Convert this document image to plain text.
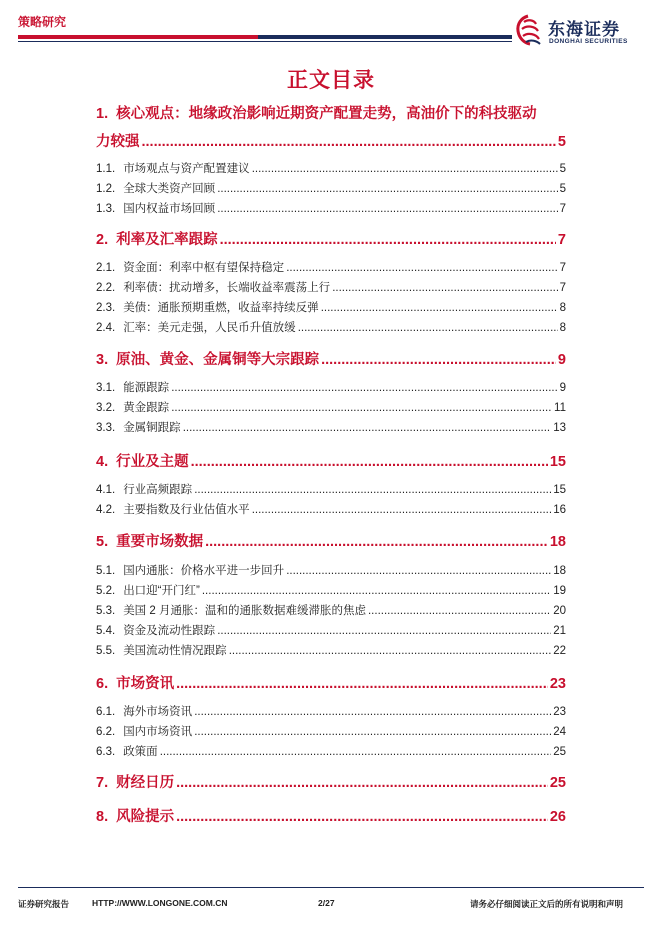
策略研究	东海证券
DONGHAI SECURITIES
正文目录
1. 核心观点：地缘政治影响近期资产配置走势，高油价下的科技驱动
力较强 .....	5
1.1. 市场观点与资产配置建议 .....	5
1.2. 全球大类资产回顾 .....	5
1.3. 国内权益市场回顾 .....	7
2. 利率及汇率跟踪 .....	7
2.1. 资金面：利率中枢有望保持稳定 .....	7
2.2. 利率债：扰动增多，长端收益率震荡上行 .....	7
2.3. 美债：通胀预期重燃，收益率持续反弹 .....	8
2.4. 汇率：美元走强，人民币升值放缓 .....	8
3. 原油、黄金、金属铜等大宗跟踪 .....	9
3.1. 能源跟踪 .....	9
3.2. 黄金跟踪 .....	11
3.3. 金属铜跟踪 .....	13
4. 行业及主题 .....	15
4.1. 行业高频跟踪 .....	15
4.2. 主要指数及行业估值水平 .....	16
5. 重要市场数据 .....	18
5.1. 国内通胀：价格水平进一步回升 .....	18
5.2. 出口迎“开门红” .....	19
5.3. 美国 2 月通胀：温和的通胀数据难缓滞胀的焦虑 .....	20
5.4. 资金及流动性跟踪 .....	21
5.5. 美国流动性情况跟踪 .....	22
6. 市场资讯 .....	23
6.1. 海外市场资讯 .....	23
6.2. 国内市场资讯 .....	24
6.3. 政策面 .....	25
7. 财经日历 .....	25
8. 风险提示 .....	26
证券研究报告	HTTP://WWW.LONGONE.COM.CN	2/27	请务必仔细阅读正文后的所有说明和声明
